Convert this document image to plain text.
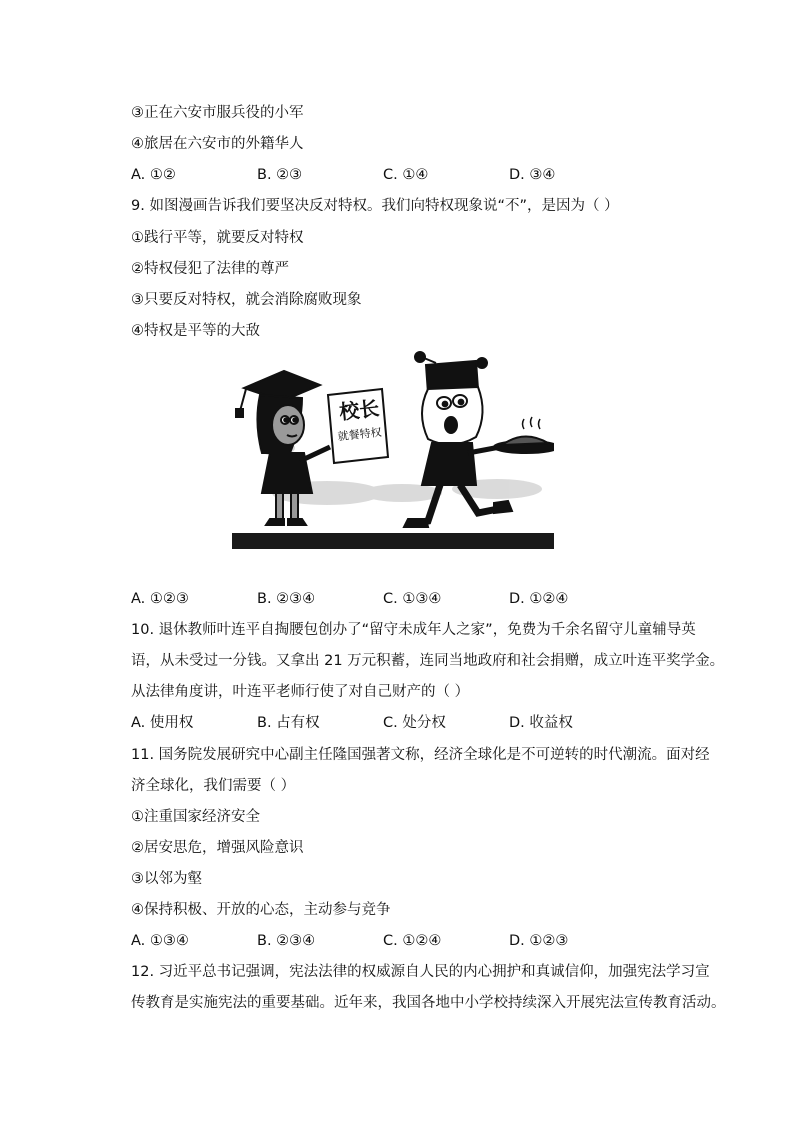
③正在六安市服兵役的小军
④旅居在六安市的外籍华人
A. ①②	B. ②③	C. ①④	D. ③④
9. 如图漫画告诉我们要坚决反对特权。我们向特权现象说“不”，是因为（ ）
①践行平等，就要反对特权
②特权侵犯了法律的尊严
③只要反对特权，就会消除腐败现象
④特权是平等的大敌
校长
就餐特权
A. ①②③	B. ②③④	C. ①③④	D. ①②④
10. 退休教师叶连平自掏腰包创办了“留守未成年人之家”，免费为千余名留守儿童辅导英
语，从未受过一分钱。又拿出 21 万元积蓄，连同当地政府和社会捐赠，成立叶连平奖学金。
从法律角度讲，叶连平老师行使了对自己财产的（ ）
A. 使用权	B. 占有权	C. 处分权	D. 收益权
11. 国务院发展研究中心副主任隆国强著文称，经济全球化是不可逆转的时代潮流。面对经
济全球化，我们需要（ ）
①注重国家经济安全
②居安思危，增强风险意识
③以邻为壑
④保持积极、开放的心态，主动参与竞争
A. ①③④	B. ②③④	C. ①②④	D. ①②③
12. 习近平总书记强调，宪法法律的权威源自人民的内心拥护和真诚信仰，加强宪法学习宣
传教育是实施宪法的重要基础。近年来，我国各地中小学校持续深入开展宪法宣传教育活动。
